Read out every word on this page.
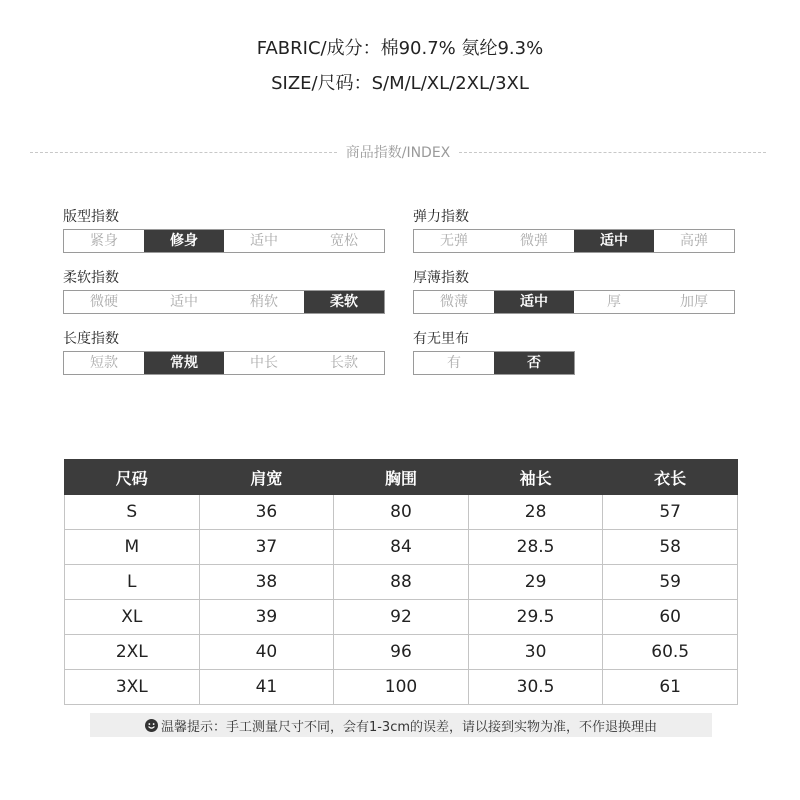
FABRIC/成分：棉90.7% 氨纶9.3%
SIZE/尺码：S/M/L/XL/2XL/3XL
商品指数/INDEX
版型指数
紧身	修身	适中	宽松
弹力指数
无弹	微弹	适中	高弹
柔软指数
微硬	适中	稍软	柔软
厚薄指数
微薄	适中	厚	加厚
长度指数
短款	常规	中长	长款
有无里布
有	否
尺码	肩宽	胸围	袖长	衣长
S	36	80	28	57
M	37	84	28.5	58
L	38	88	29	59
XL	39	92	29.5	60
2XL	40	96	30	60.5
3XL	41	100	30.5	61
温馨提示：手工测量尺寸不同，会有1-3cm的误差，请以接到实物为准，不作退换理由
